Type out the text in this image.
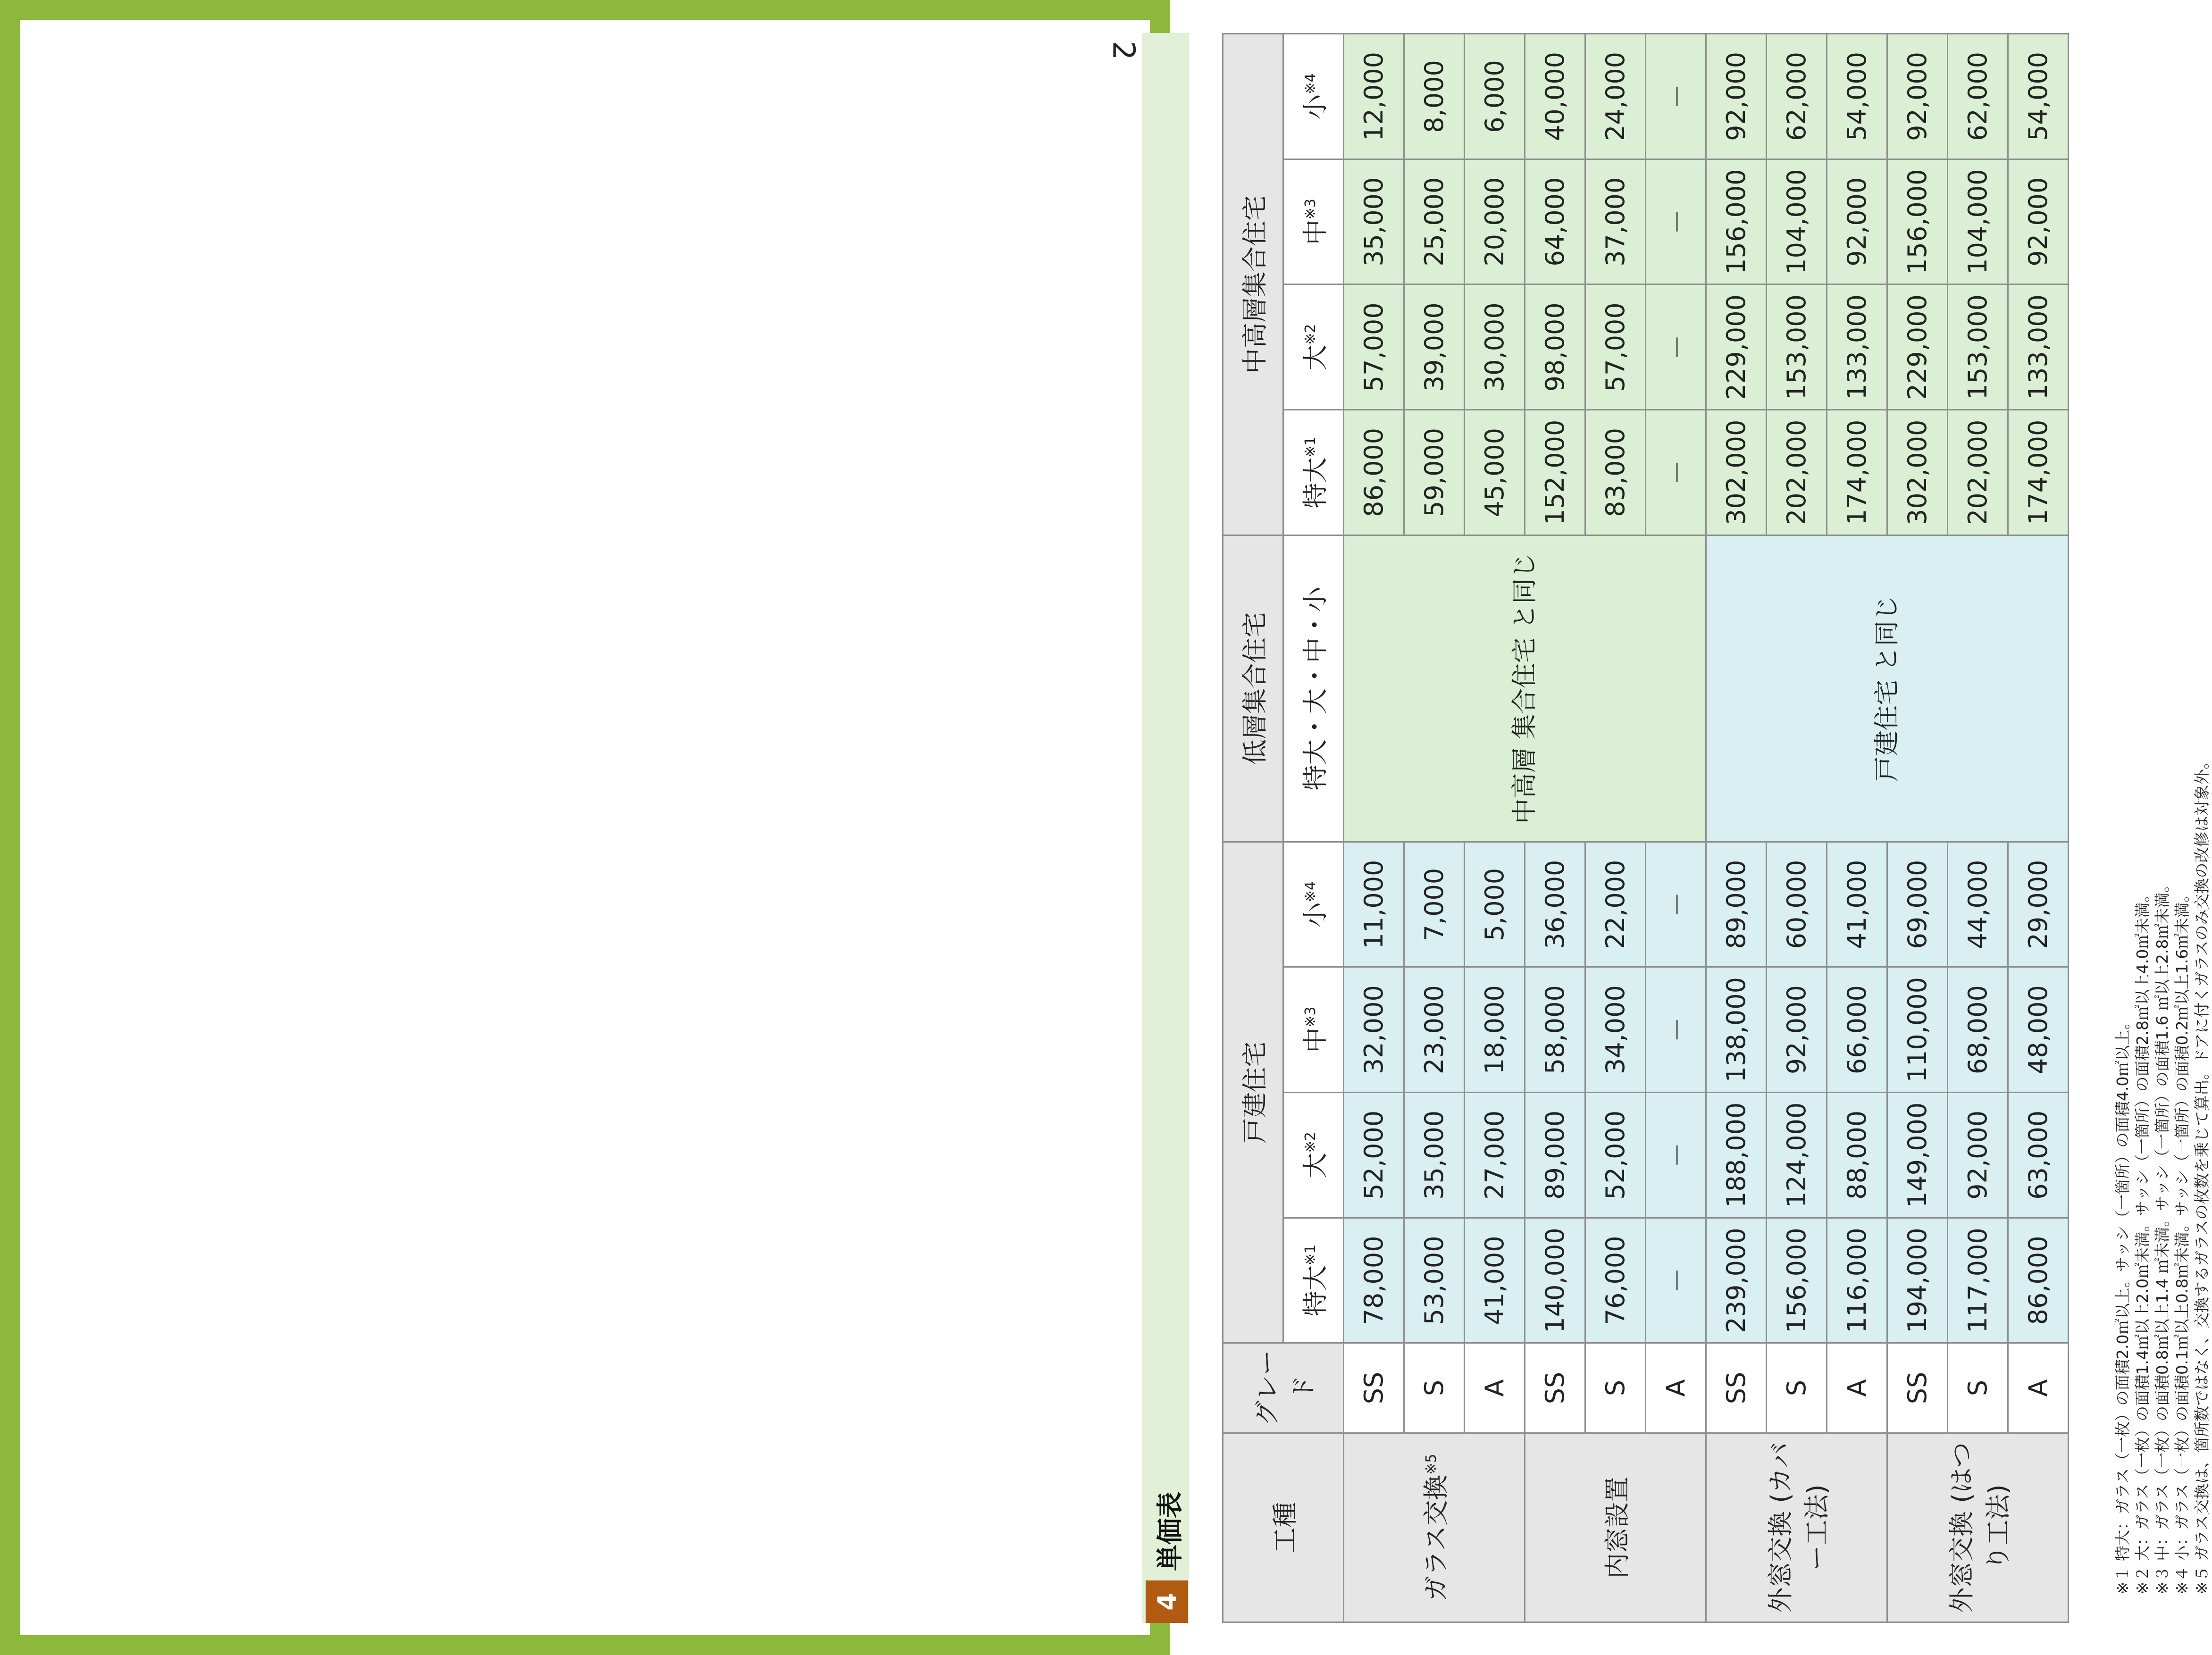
2
4
単価表	工種	グレード	戸建住宅				低層集合住宅	中高層集合住宅			
		特大$^{※1}$	大$^{※2}$	中$^{※3}$	小$^{※4}$	特大・大・中・小	特大$^{※1}$	大$^{※2}$	中$^{※3}$	小$^{※4}$
ガラス交換$^{※5}$	SS	78,000	52,000	32,000	11,000	中高層 集合住宅 と同じ	86,000	57,000	35,000	12,000
	S	53,000	35,000	23,000	7,000		59,000	39,000	25,000	8,000
	A	41,000	27,000	18,000	5,000		45,000	30,000	20,000	6,000
内窓設置	SS	140,000	89,000	58,000	36,000		152,000	98,000	64,000	40,000
	S	76,000	52,000	34,000	22,000		83,000	57,000	37,000	24,000
	A	－	－	－	－		－	－	－	－
外窓交換 (カバー工法)	SS	239,000	188,000	138,000	89,000	戸建住宅 と同じ	302,000	229,000	156,000	92,000
	S	156,000	124,000	92,000	60,000		202,000	153,000	104,000	62,000
	A	116,000	88,000	66,000	41,000		174,000	133,000	92,000	54,000
外窓交換 (はつり工法)	SS	194,000	149,000	110,000	69,000		302,000	229,000	156,000	92,000
	S	117,000	92,000	68,000	44,000		202,000	153,000	104,000	62,000
	A	86,000	63,000	48,000	29,000		174,000	133,000	92,000	54,000
※１ 特大：ガラス（一枚）の面積2.0㎡以上。サッシ（一箇所）の面積4.0㎡以上。 ※２ 大：ガラス（一枚）の面積1.4㎡以上2.0㎡未満。サッシ（一箇所）の面積2.8㎡以上4.0㎡未満。 ※３ 中：ガラス（一枚）の面積0.8㎡以上1.4 ㎡未満。サッシ（一箇所）の面積1.6 ㎡以上2.8㎡未満。 ※４ 小：ガラス（一枚）の面積0.1㎡以上0.8㎡未満。サッシ（一箇所）の面積0.2㎡以上1.6㎡未満。 ※５ ガラス交換は、箇所数ではなく、交換するガラスの枚数を乗じて算出。ドアに付くガラスのみ交換の改修は対象外。
